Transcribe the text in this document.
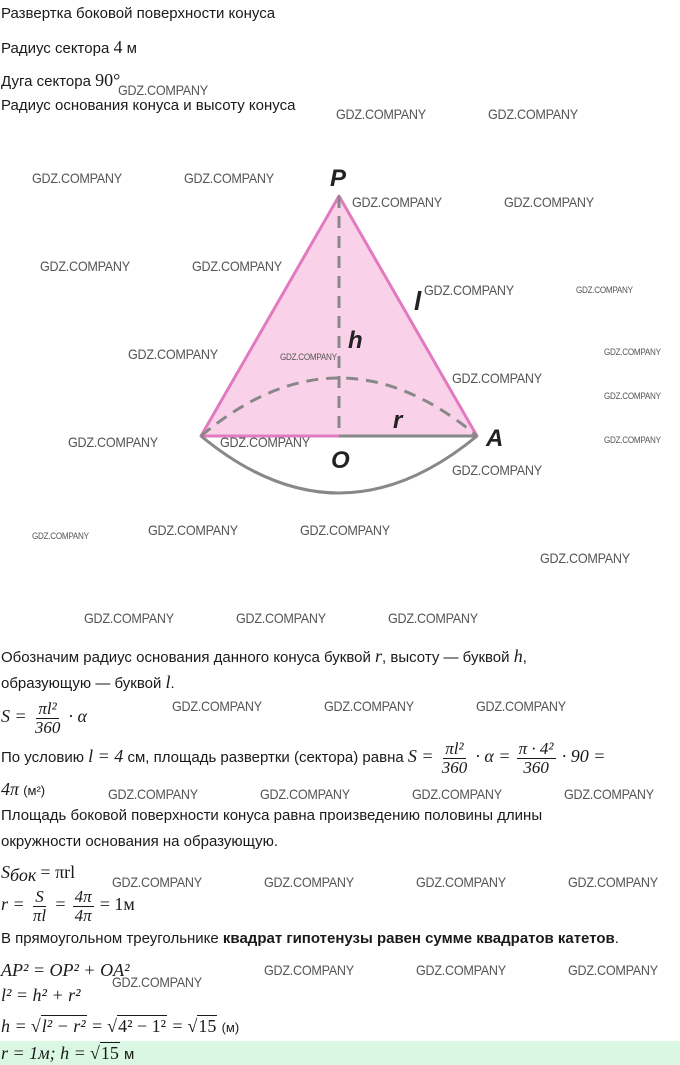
Развертка боковой поверхности конуса
Радиус сектора 4 м
Дуга сектора 90°
Радиус основания конуса и высоту конуса
P
A
O
h
l
r
Обозначим радиус основания данного конуса буквой r, высоту — буквой h,
образующую — буквой l.
$S = \frac{\text{πl²}}{360} \cdot \alpha$
По условию l = 4 см, площадь развертки (сектора) равна $S = \frac{\text{πl²}}{360} \cdot \alpha = \frac{\text{π · 4²}}{360} \cdot 90$ =
4π (м²)
Площадь боковой поверхности конуса равна произведению половины длины
окружности основания на образующую.
$S_{бок} = \pi rl$
$r = \frac{S}{\pi l} = \frac{4\pi}{4\pi} = 1м$
В прямоугольном треугольнике квадрат гипотенузы равен сумме квадратов катетов.
AP² = OP² + OA²
l² = h² + r²
h = √l² − r² = √4² − 1² = √15 (м)
r = 1м; h = √15 м
GDZ.COMPANY
GDZ.COMPANY	GDZ.COMPANY
GDZ.COMPANY	GDZ.COMPANY
GDZ.COMPANY	GDZ.COMPANY
GDZ.COMPANY	GDZ.COMPANY
GDZ.COMPANY	GDZ.COMPANY
GDZ.COMPANY	GDZ.COMPANY	GDZ.COMPANY
GDZ.COMPANY
GDZ.COMPANY
GDZ.COMPANY	GDZ.COMPANY	GDZ.COMPANY
GDZ.COMPANY
GDZ.COMPANY	GDZ.COMPANY	GDZ.COMPANY
GDZ.COMPANY
GDZ.COMPANY	GDZ.COMPANY	GDZ.COMPANY
GDZ.COMPANY	GDZ.COMPANY	GDZ.COMPANY
GDZ.COMPANY	GDZ.COMPANY	GDZ.COMPANY	GDZ.COMPANY
GDZ.COMPANY	GDZ.COMPANY	GDZ.COMPANY	GDZ.COMPANY
GDZ.COMPANY	GDZ.COMPANY	GDZ.COMPANY
GDZ.COMPANY
